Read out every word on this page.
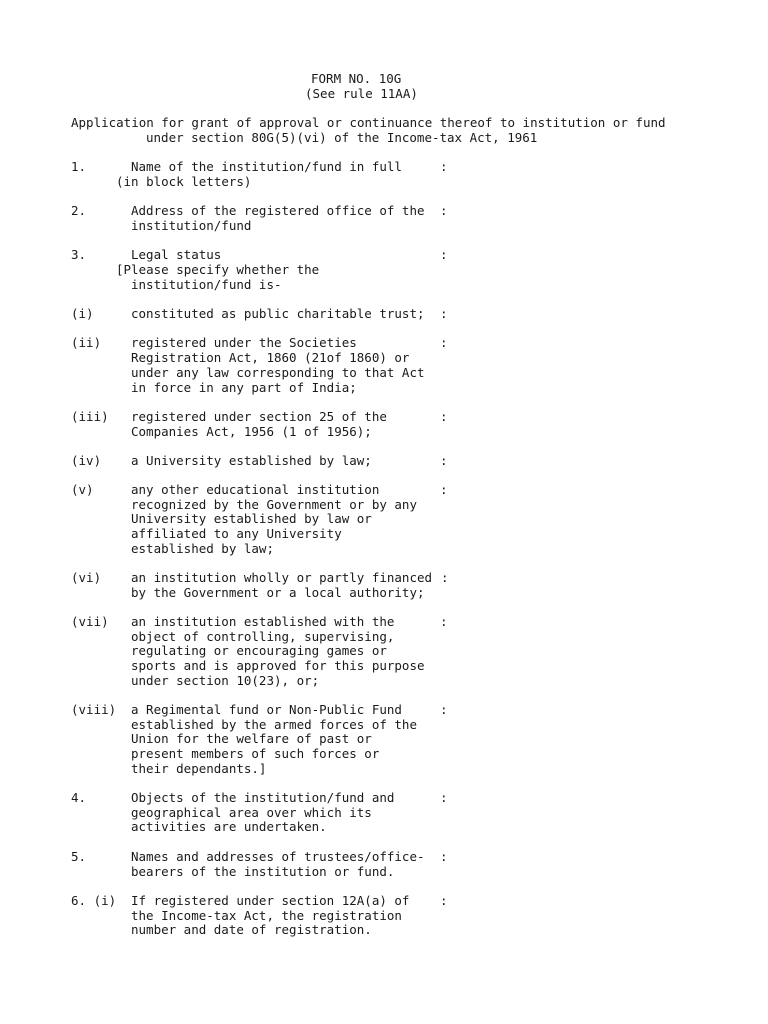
FORM NO. 10G
(See rule 11AA)
Application for grant of approval or continuance thereof to institution or fund
under section 80G(5)(vi) of the Income-tax Act, 1961
1.	Name of the institution/fund in full	:
(in block letters)
2.	Address of the registered office of the
institution/fund
:
3.	Legal status	:
[Please specify whether the
institution/fund is-
(i)	constituted as public charitable trust; :
(ii) registered under the Societies
Registration Act, 1860 (21of 1860) or
under any law corresponding to that Act
in force in any part of India;
:
(iii) registered under section 25 of the
Companies Act, 1956 (1 of 1956);
:
(iv) a University established by law;	:
(v)	any other educational institution
recognized by the Government or by any
University established by law or
affiliated to any University
established by law;
:
(vi) an institution wholly or partly financed
by the Government or a local authority;
:
(vii) an institution established with the
object of controlling, supervising,
regulating or encouraging games or
sports and is approved for this purpose
under section 10(23), or;
:
(viii) a Regimental fund or Non-Public Fund
established by the armed forces of the
Union for the welfare of past or
present members of such forces or
their dependants.]
:
4.	Objects of the institution/fund and
geographical area over which its
activities are undertaken.
:
5.	Names and addresses of trustees/office-
bearers of the institution or fund.
:
6. (i) If registered under section 12A(a) of
the Income-tax Act, the registration
number and date of registration.
:
